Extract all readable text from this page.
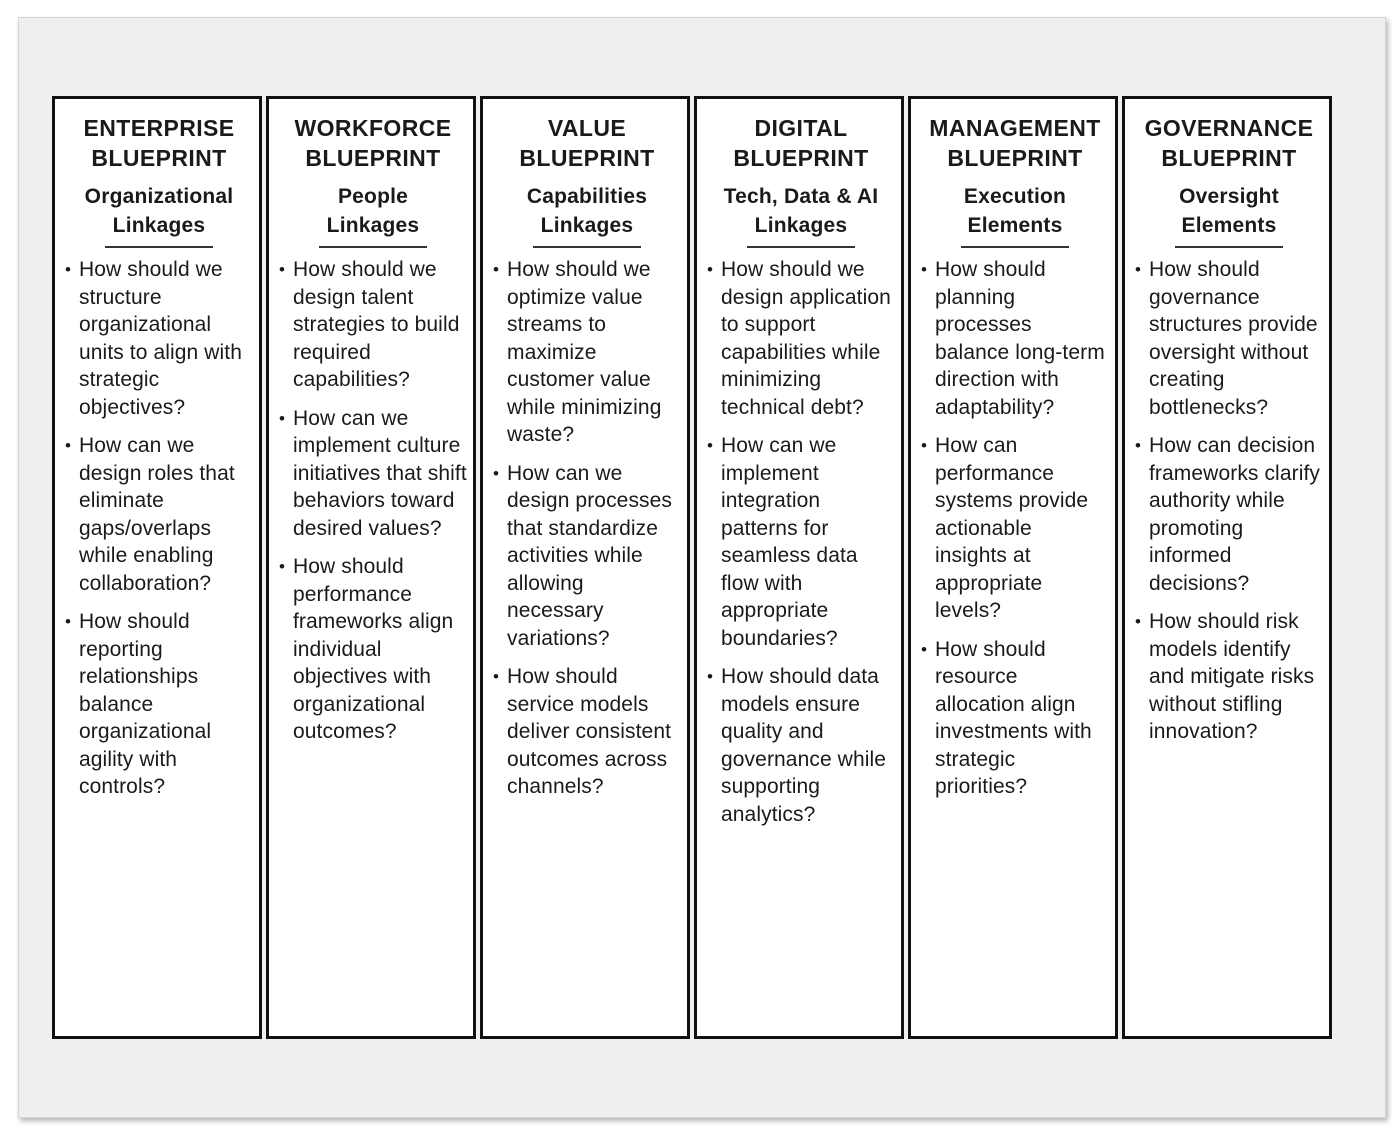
ENTERPRISE
BLUEPRINT
Organizational
Linkages
• How should we structure organizational units to align with strategic objectives?
• How can we design roles that eliminate gaps/overlaps while enabling collaboration?
• How should reporting relationships balance organizational agility with controls?
WORKFORCE
BLUEPRINT
People
Linkages
• How should we design talent strategies to build required capabilities?
• How can we implement culture initiatives that shift behaviors toward desired values?
• How should performance frameworks align individual objectives with organizational outcomes?
VALUE
BLUEPRINT
Capabilities
Linkages
• How should we optimize value streams to maximize customer value while minimizing waste?
• How can we design processes that standardize activities while allowing necessary variations?
• How should service models deliver consistent outcomes across channels?
DIGITAL
BLUEPRINT
Tech, Data & AI
Linkages
• How should we design application to support capabilities while minimizing technical debt?
• How can we implement integration patterns for seamless data flow with appropriate boundaries?
• How should data models ensure quality and governance while supporting analytics?
MANAGEMENT
BLUEPRINT
Execution
Elements
• How should planning processes balance long-term direction with adaptability?
• How can performance systems provide actionable insights at appropriate levels?
• How should resource allocation align investments with strategic priorities?
GOVERNANCE
BLUEPRINT
Oversight
Elements
• How should governance structures provide oversight without creating bottlenecks?
• How can decision frameworks clarify authority while promoting informed decisions?
• How should risk models identify and mitigate risks without stifling innovation?
